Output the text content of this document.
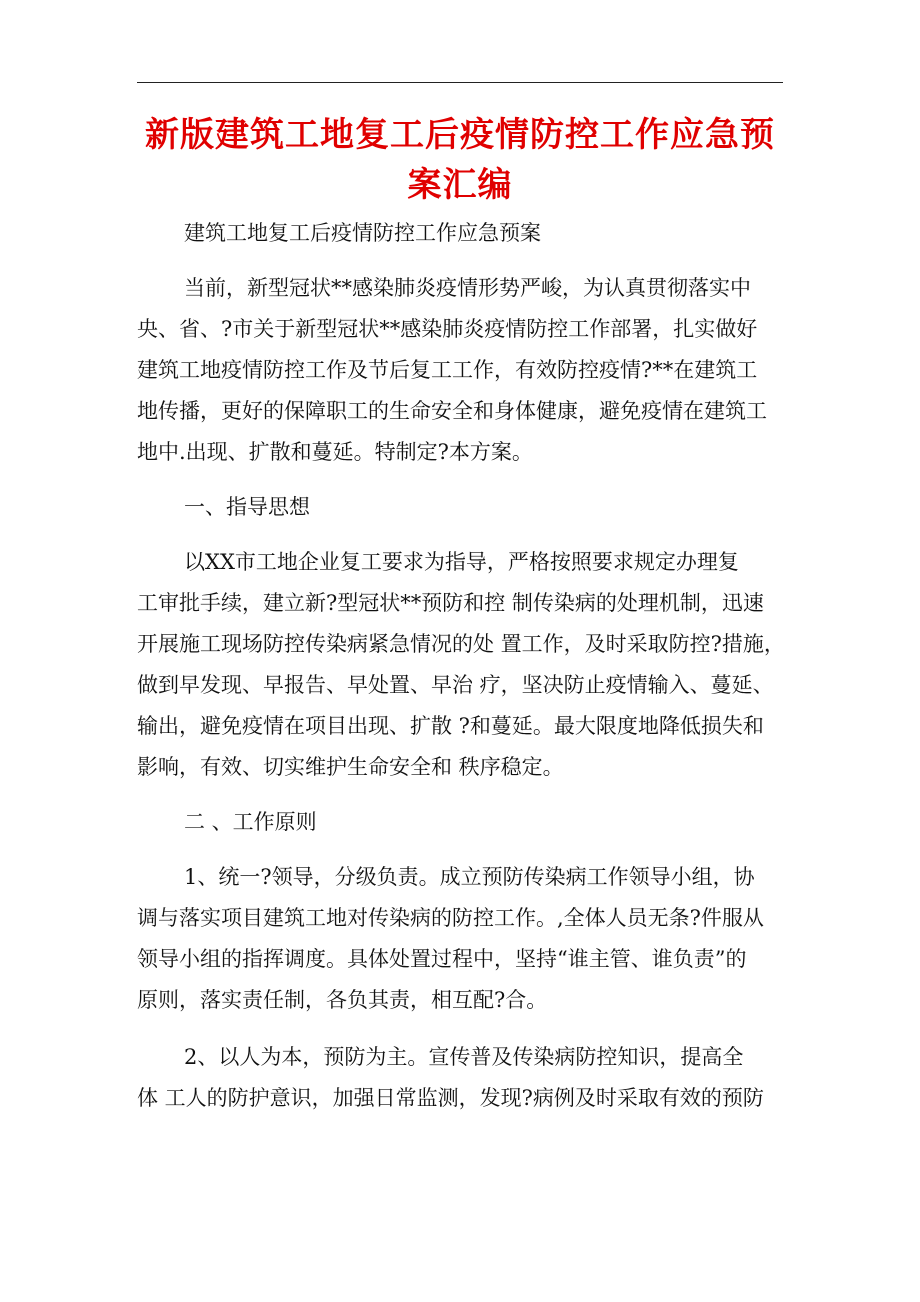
新版建筑工地复工后疫情防控工作应急预
案汇编

建筑工地复工后疫情防控工作应急预案

当前，新型冠状**感染肺炎疫情形势严峻，为认真贯彻落实中
央、省、?市关于新型冠状**感染肺炎疫情防控工作部署，扎实做好
建筑工地疫情防控工作及节后复工工作，有效防控疫情?**在建筑工
地传播，更好的保障职工的生命安全和身体健康，避免疫情在建筑工
地中.出现、扩散和蔓延。特制定?本方案。

一、指导思想

以XX市工地企业复工要求为指导，严格按照要求规定办理复
工审批手续，建立新?型冠状**预防和控 制传染病的处理机制，迅速
开展施工现场防控传染病紧急情况的处 置工作，及时采取防控?措施，
做到早发现、早报告、早处置、早治 疗，坚决防止疫情输入、蔓延、
输出，避免疫情在项目出现、扩散 ?和蔓延。最大限度地降低损失和
影响，有效、切实维护生命安全和 秩序稳定。

二 、工作原则

1、统一?领导，分级负责。成立预防传染病工作领导小组，协
调与落实项目建筑工地对传染病的防控工作。,全体人员无条?件服从
领导小组的指挥调度。具体处置过程中，坚持“谁主管、谁负责”的
原则，落实责任制，各负其责，相互配?合。

2、以人为本，预防为主。宣传普及传染病防控知识，提高全
体 工人的防护意识，加强日常监测，发现?病例及时采取有效的预防
